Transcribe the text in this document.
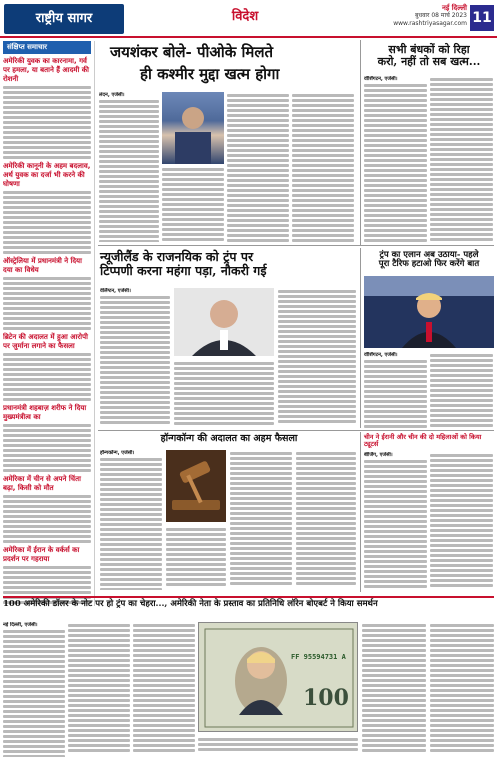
राष्ट्रीय सागर	विदेश
नई दिल्ली
बुधवार 08 मार्च 2023
www.rashtriyasagar.com 11
संक्षिप्त समाचार
अमेरिकी युवक का कारनामा, गर्व पर हमला, या बताने हैं आदमी की रोशनी
अमेरिकी कानूनी के अहम बदलाव, अर्थ युवक का दर्जा भी करने की घोषणा
ऑस्ट्रेलिया में प्रधानमंत्री ने दिया दया का विधेय
ब्रिटेन की अदालत में हुआ आरोपी पर जुर्माना लगाने का फैसला
प्रधानमंत्री शहबाज़ शरीफ ने दिया मुख्यमंत्रीत्व का
अमेरिका में चीन से अपने चिंता बढ़ा, किसी को मौत
अमेरिका में ईरान के वर्कर्स का प्रदर्शन पर गहराया
जयशंकर बोले- पीओके मिलते
ही कश्मीर मुद्दा खत्म होगा
लंदन, एजेंसी।
सभी बंधकों को रिहा
करो, नहीं तो सब खत्म...
वॉशिंगटन, एजेंसी।
न्यूजीलैंड के राजनयिक को ट्रंप पर
टिप्पणी करना महंगा पड़ा, नौकरी गई
वेलिंग्टन, एजेंसी।
ट्रंप का एलान अब उठाया- पहले
पूरा टैरिफ हटाओ फिर करेंगे बात
वॉशिंगटन, एजेंसी।
हॉन्गकॉन्ग की अदालत का अहम फैसला
हॉन्गकॉन्ग, एजेंसी।
चीन ने ईरानी और चीन की दो महिलाओं को किया ट्यूटर्स
बीजिंग, एजेंसी।
100 अमेरिकी डॉलर के नोट पर हो ट्रंप का चेहरा..., अमेरिकी नेता के प्रस्ताव का प्रतिनिधि लॉरेन बोएबर्ट ने किया समर्थन
नई दिल्ली, एजेंसी।
FF 95594731 A
100
